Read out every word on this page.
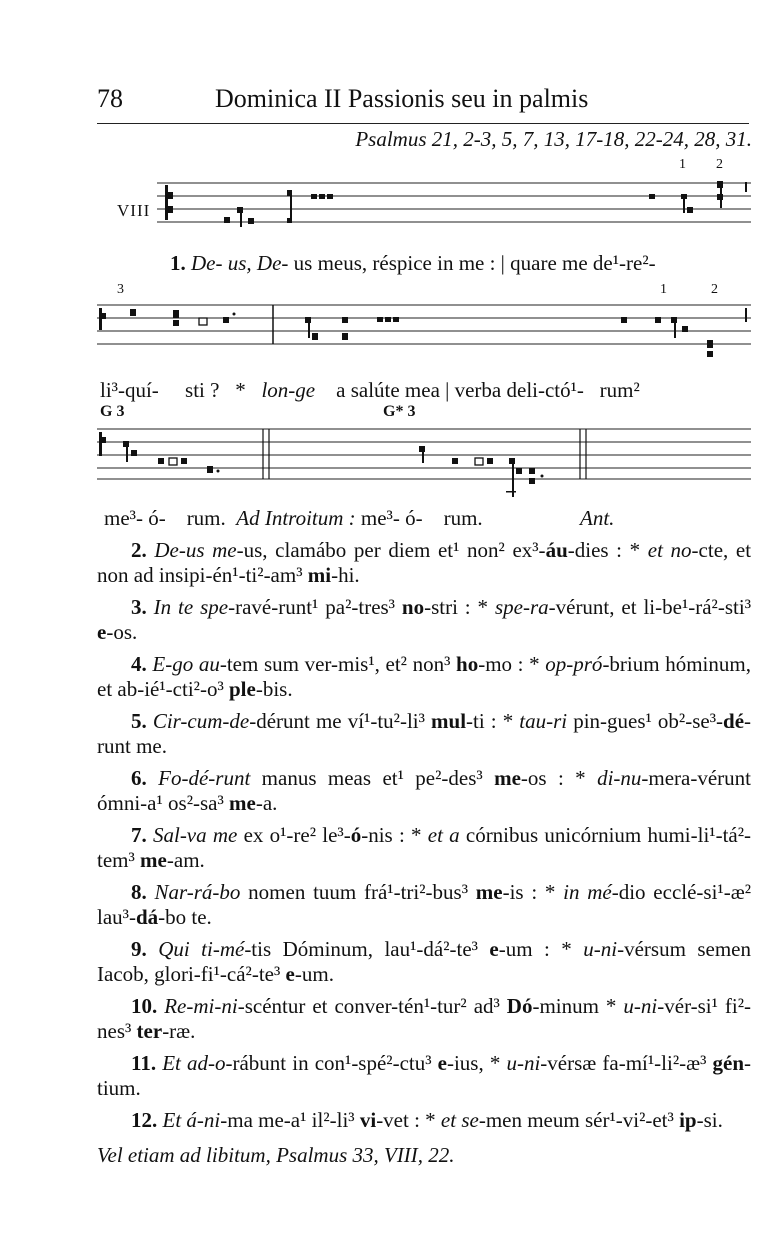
78	Dominica II Passionis seu in palmis
Psalmus 21, 2-3, 5, 7, 13, 17-18, 22-24, 28, 31.
1 2
VIII
1. De- us, De- us meus, réspice in me : | quare me de¹-re²-
3	1	2
li³-quí- sti ? * lon-ge a salúte mea | verba deli-ctó¹- rum²
G 3	G* 3
me³- ó- rum. Ad Introitum : me³- ó- rum.	Ant.

2. De-us me-us, clamábo per diem et¹ non² ex³-áu-dies : * et no-cte, et non ad insipi-én¹-ti²-am³ mi-hi.

3. In te spe-ravé-runt¹ pa²-tres³ no-stri : * spe-ra-vérunt, et li-be¹-rá²-sti³ e-os.

4. E-go au-tem sum ver-mis¹, et² non³ ho-mo : * op-pró-brium hóminum, et ab-ié¹-cti²-o³ ple-bis.

5. Cir-cum-de-dérunt me ví¹-tu²-li³ mul-ti : * tau-ri pin-gues¹ ob²-se³-dé-runt me.

6. Fo-dé-runt manus meas et¹ pe²-des³ me-os : * di-nu-mera-vérunt ómni-a¹ os²-sa³ me-a.

7. Sal-va me ex o¹-re² le³-ó-nis : * et a córnibus unicórnium humi-li¹-tá²-tem³ me-am.

8. Nar-rá-bo nomen tuum frá¹-tri²-bus³ me-is : * in mé-dio ecclé-si¹-æ² lau³-dá-bo te.

9. Qui ti-mé-tis Dóminum, lau¹-dá²-te³ e-um : * u-ni-vérsum semen Iacob, glori-fi¹-cá²-te³ e-um.

10. Re-mi-ni-scéntur et conver-tén¹-tur² ad³ Dó-minum * u-ni-vér-si¹ fi²-nes³ ter-ræ.

11. Et ad-o-rábunt in con¹-spé²-ctu³ e-ius, * u-ni-vérsæ fa-mí¹-li²-æ³ gén-tium.

12. Et á-ni-ma me-a¹ il²-li³ vi-vet : * et se-men meum sér¹-vi²-et³ ip-si.

Vel etiam ad libitum, Psalmus 33, VIII, 22.
